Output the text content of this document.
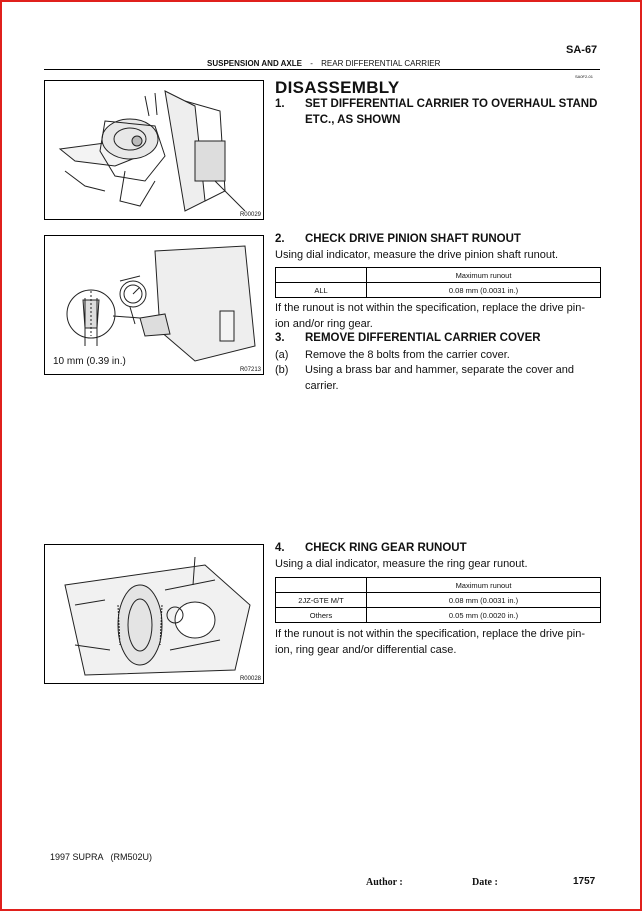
SA-67
SUSPENSION AND AXLE - REAR DIFFERENTIAL CARRIER
SA0F2-01
R00029
10 mm (0.39 in.)
R07213
R00028
DISASSEMBLY
1. SET DIFFERENTIAL CARRIER TO OVERHAUL STAND
ETC., AS SHOWN
2. CHECK DRIVE PINION SHAFT RUNOUT
Using dial indicator, measure the drive pinion shaft runout.
	Maximum runout
ALL	0.08 mm (0.0031 in.)
If the runout is not within the specification, replace the drive pin-
ion and/or ring gear.
3. REMOVE DIFFERENTIAL CARRIER COVER
(a) Remove the 8 bolts from the carrier cover.
(b) Using a brass bar and hammer, separate the cover and carrier.
4. CHECK RING GEAR RUNOUT
Using a dial indicator, measure the ring gear runout.
	Maximum runout
2JZ-GTE M/T	0.08 mm (0.0031 in.)
Others	0.05 mm (0.0020 in.)
If the runout is not within the specification, replace the drive pin-
ion, ring gear and/or differential case.
1997 SUPRA   (RM502U)
Author :	Date :	1757
